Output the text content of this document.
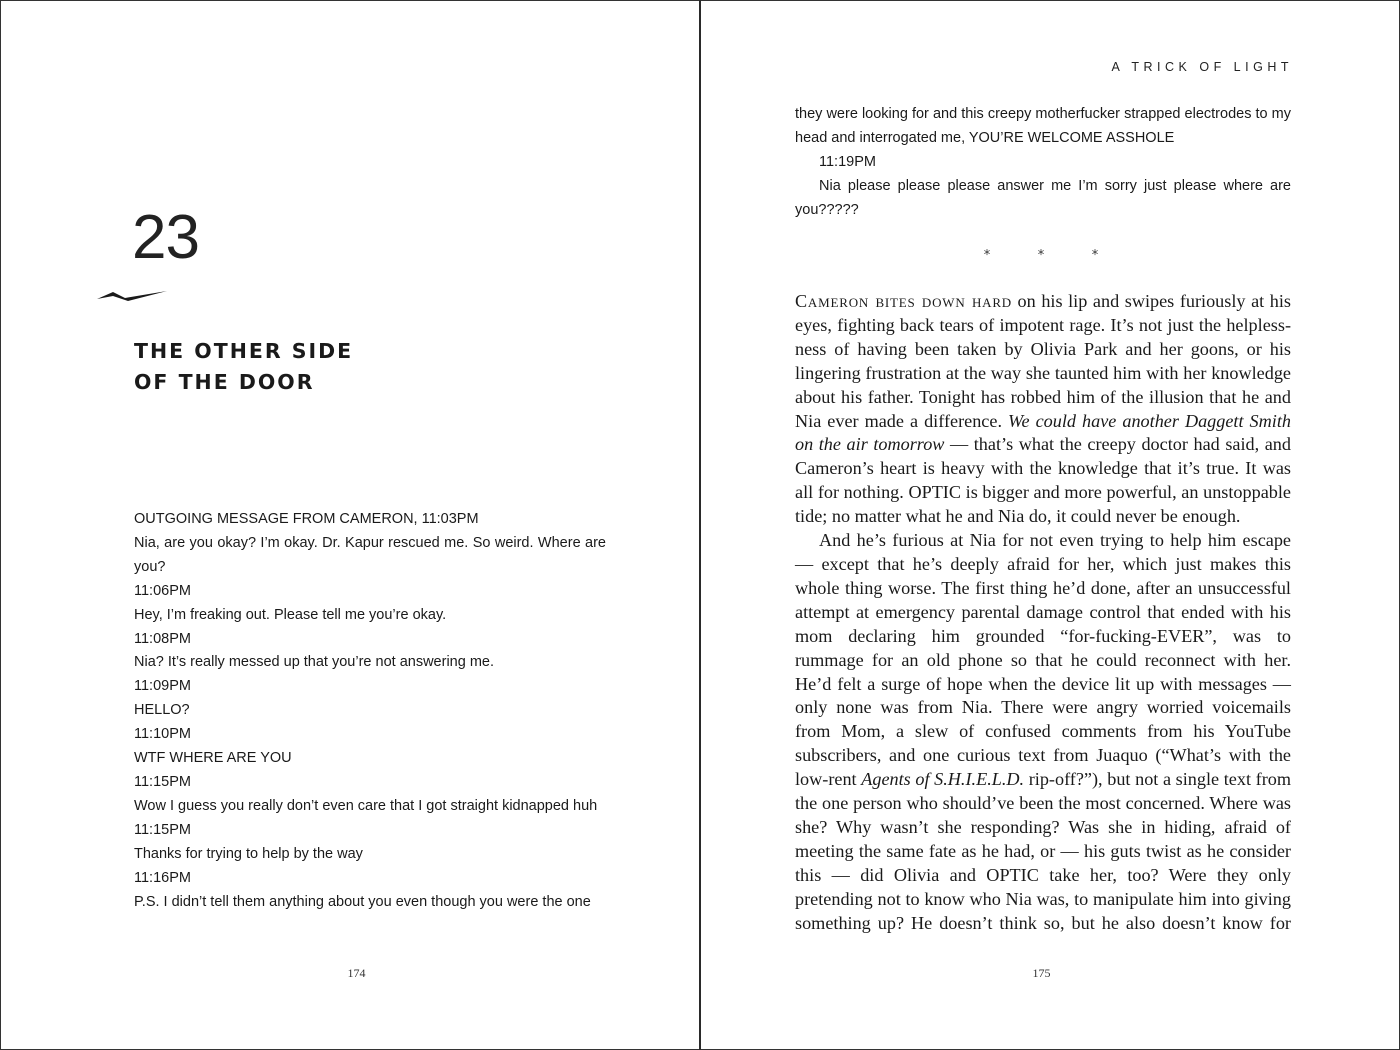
23
THE OTHER SIDE
OF THE DOOR
OUTGOING MESSAGE FROM CAMERON, 11:03PM
Nia, are you okay? I’m okay. Dr. Kapur rescued me. So weird. Where are you?
11:06PM
Hey, I’m freaking out. Please tell me you’re okay.
11:08PM
Nia? It’s really messed up that you’re not answering me.
11:09PM
HELLO?
11:10PM
WTF WHERE ARE YOU
11:15PM
Wow I guess you really don’t even care that I got straight kidnapped huh
11:15PM
Thanks for trying to help by the way
11:16PM
P.S. I didn’t tell them anything about you even though you were the one
174
A TRICK OF LIGHT
they were looking for and this creepy motherfucker strapped electrodes to my head and interrogated me, YOU’RE WELCOME ASSHOLE
11:19PM
Nia please please please answer me I’m sorry just please where are you?????
*	*	*

Cameron bites down hard on his lip and swipes furiously at his eyes, fighting back tears of impotent rage. It’s not just the helplessness of having been taken by Olivia Park and her goons, or his lingering frustration at the way she taunted him with her knowledge about his father. Tonight has robbed him of the illusion that he and Nia ever made a difference. We could have another Daggett Smith on the air tomorrow — that’s what the creepy doctor had said, and Cameron’s heart is heavy with the knowledge that it’s true. It was all for nothing. OPTIC is bigger and more powerful, an unstoppable tide; no matter what he and Nia do, it could never be enough.

And he’s furious at Nia for not even trying to help him escape — except that he’s deeply afraid for her, which just makes this whole thing worse. The first thing he’d done, after an unsuccessful attempt at emergency parental damage control that ended with his mom declaring him grounded “for-fucking-EVER”, was to rummage for an old phone so that he could reconnect with her. He’d felt a surge of hope when the device lit up with messages — only none was from Nia. There were angry worried voicemails from Mom, a slew of confused comments from his YouTube subscribers, and one curious text from Juaquo (“What’s with the low-rent Agents of S.H.I.E.L.D. rip-off?”), but not a single text from the one person who should’ve been the most concerned. Where was she? Why wasn’t she responding? Was she in hiding, afraid of meeting the same fate as he had, or — his guts twist as he consider this — did Olivia and OPTIC take her, too? Were they only pretending not to know who Nia was, to manipulate him into giving something up? He doesn’t think so, but he also doesn’t know for

175
